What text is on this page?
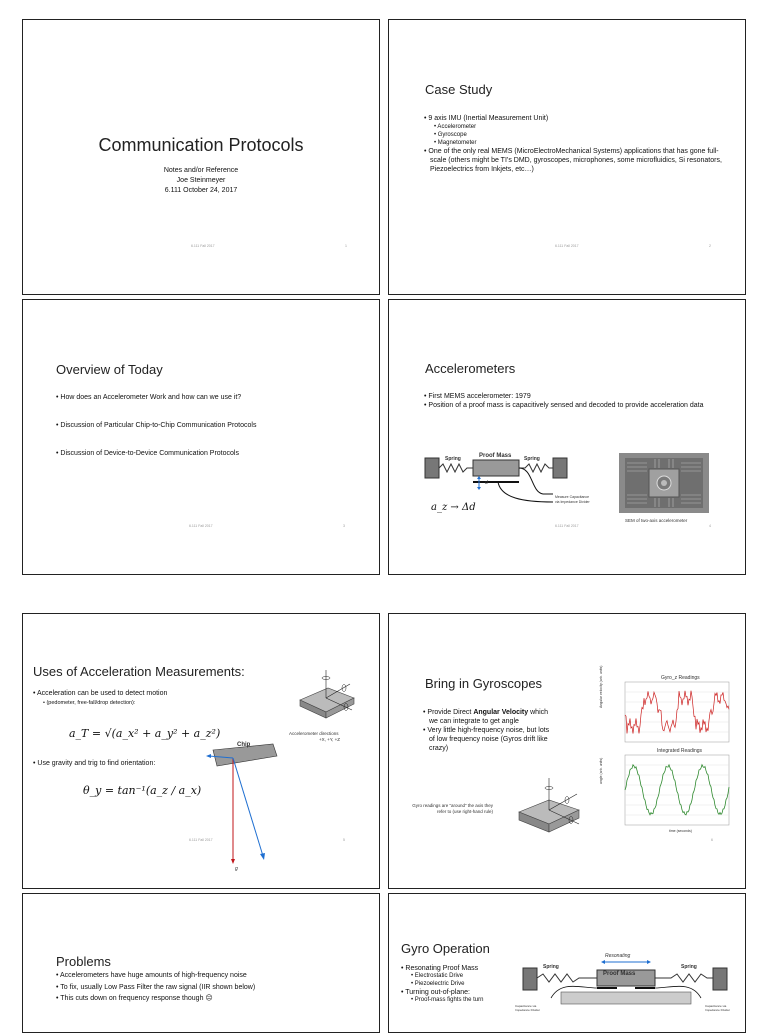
Communication Protocols
Notes and/or Reference
Joe Steinmeyer
6.111 October 24, 2017
6.111 Fall 2017	1
Case Study

• 9 axis IMU (Inertial Measurement Unit)

• Accelerometer

• Gyroscope

• Magnetometer

• One of the only real MEMS (MicroElectroMechanical Systems) applications that has gone full-scale (others might be TI’s DMD, gyroscopes, microphones, some microfluidics, Si resonators, Piezoelectrics from Inkjets, etc…)

6.111 Fall 2017	2
Overview of Today

• How does an Accelerometer Work and how can we use it?

• Discussion of Particular Chip-to-Chip Communication Protocols

• Discussion of Device-to-Device Communication Protocols

6.111 Fall 2017	3
Accelerometers

• First MEMS accelerometer: 1979

• Position of a proof mass is capacitively sensed and decoded to provide acceleration data

Spring	Proof Mass	Spring
d
Measure Capacitance via Impedance Divider
a_z → Δd
SEM of two-axis accelerometer
6.111 Fall 2017	4
Uses of Acceleration Measurements:
• Acceleration can be used to detect motion
• (pedometer, free-fall/drop detection):
a_T = √(a_x² + a_y² + a_z²)
• Use gravity and trig to find orientation:
θ_y = tan⁻¹(a_z / a_x)
Accelerometer directions
+X, +Y, +Z
Chip
g
6.111 Fall 2017	5
Bring in Gyroscopes

• Provide Direct Angular Velocity which we can integrate to get angle

• Very little high-frequency noise, but lots of low frequency noise (Gyros drift like crazy)

Gyro readings are “around” the axis they refer to (use right-hand rule)
Gyro_z Readings
Angular velocity (arb. units)
Integrated Readings
angle (arb. units)
time (seconds)
6
Problems

• Accelerometers have huge amounts of high-frequency noise

• To fix, usually Low Pass Filter the raw signal (IIR shown below)

• This cuts down on frequency response though ☹

Gyro Operation

• Resonating Proof Mass

• Electrostatic Drive

• Piezoelectric Drive

• Turning out-of-plane:

• Proof-mass fights the turn

Resonating
Spring
Proof Mass
Spring
Capacitance via Impedance Divider
Capacitance via Impedance Divider
